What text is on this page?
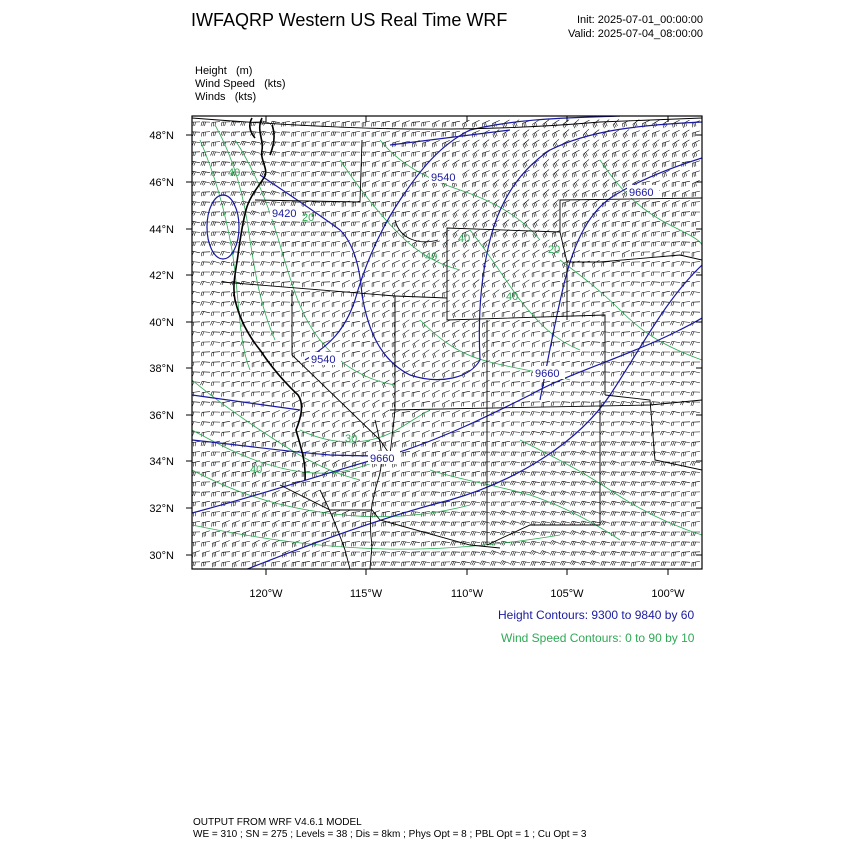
IWFAQRP Western US Real Time WRF	Init: 2025-07-01_00:00:00
Valid: 2025-07-04_08:00:00
Height (m)
Wind Speed (kts)
Winds (kts)
48°N
46°N
44°N
42°N
40°N
38°N
36°N
34°N
32°N
30°N
120°W	115°W	110°W	105°W	100°W
9420
9540
9540
9660
9660
9660
40
20
40
40
40
20
30
40
Height Contours: 9300 to 9840 by 60
Wind Speed Contours: 0 to 90 by 10
OUTPUT FROM WRF V4.6.1 MODEL
WE = 310 ; SN = 275 ; Levels = 38 ; Dis = 8km ; Phys Opt = 8 ; PBL Opt = 1 ; Cu Opt = 3
